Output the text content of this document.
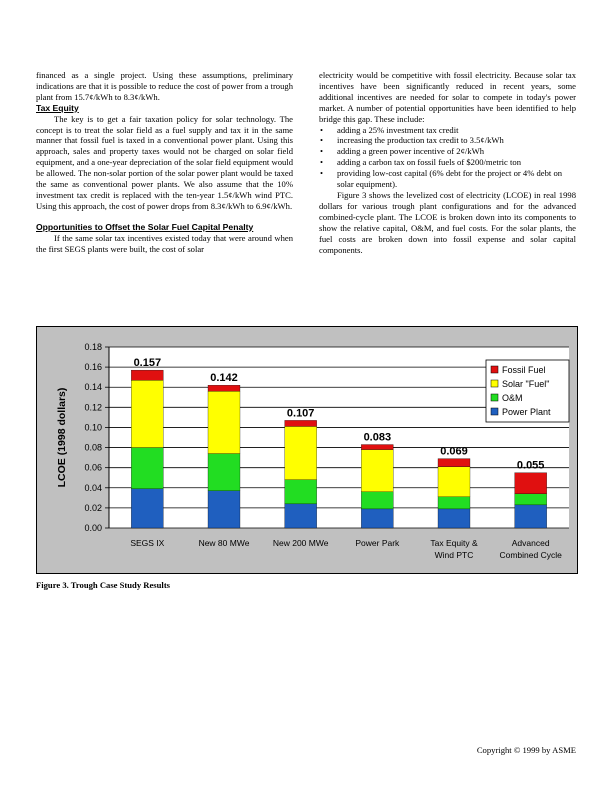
financed as a single project. Using these assumptions, preliminary indications are that it is possible to reduce the cost of power from a trough plant from 15.7¢/kWh to 8.3¢/kWh.

Tax Equity

The key is to get a fair taxation policy for solar technology. The concept is to treat the solar field as a fuel supply and tax it in the same manner that fossil fuel is taxed in a conventional power plant. Using this approach, sales and property taxes would not be charged on solar field equipment, and a one-year depreciation of the solar field equipment would be allowed. The non-solar portion of the solar power plant would be taxed the same as conventional power plants. We also assume that the 10% investment tax credit is replaced with the ten-year 1.5¢/kWh wind PTC. Using this approach, the cost of power drops from 8.3¢/kWh to 6.9¢/kWh.

Opportunities to Offset the Solar Fuel Capital Penalty

If the same solar tax incentives existed today that were around when the first SEGS plants were built, the cost of solar

electricity would be competitive with fossil electricity. Because solar tax incentives have been significantly reduced in recent years, some additional incentives are needed for solar to compete in today's power market. A number of potential opportunities have been identified to help bridge this gap. These include:

• adding a 25% investment tax credit
• increasing the production tax credit to 3.5¢/kWh
• adding a green power incentive of 2¢/kWh
• adding a carbon tax on fossil fuels of $200/metric ton
• providing low-cost capital (6% debt for the project or 4% debt on solar equipment).

Figure 3 shows the levelized cost of electricity (LCOE) in real 1998 dollars for various trough plant configurations and for the advanced combined-cycle plant. The LCOE is broken down into its components to show the relative capital, O&M, and fuel costs. For the solar plants, the fuel costs are broken down into fossil expense and solar capital components.

0.00
0.02
0.04
0.06
0.08
0.10
0.12
0.14
0.16
0.18
LCOE (1998 dollars)
0.157
SEGS IX
0.142
New 80 MWe
0.107
New 200 MWe
0.083
Power Park
0.069
Tax Equity &
Wind PTC
0.055
Advanced
Combined Cycle
Fossil Fuel
Solar "Fuel"
O&M
Power Plant
Figure 3. Trough Case Study Results
Copyright © 1999 by ASME
